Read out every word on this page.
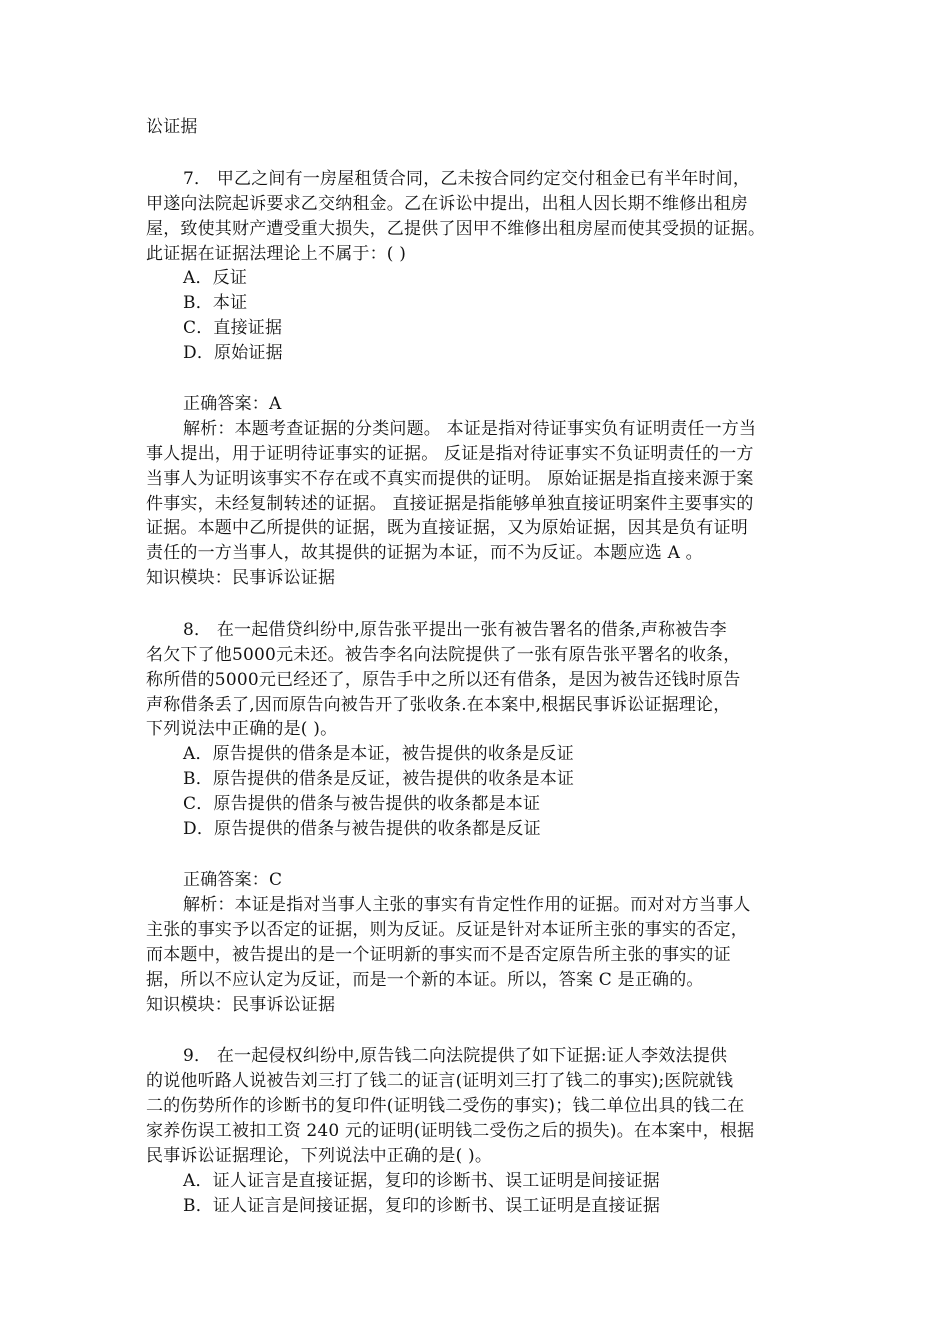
讼证据
7． 甲乙之间有一房屋租赁合同，乙未按合同约定交付租金已有半年时间，
甲遂向法院起诉要求乙交纳租金。乙在诉讼中提出，出租人因长期不维修出租房
屋，致使其财产遭受重大损失，乙提供了因甲不维修出租房屋而使其受损的证据。
此证据在证据法理论上不属于：( )
A．反证
B．本证
C．直接证据
D．原始证据
正确答案：A
解析：本题考查证据的分类问题。 本证是指对待证事实负有证明责任一方当
事人提出，用于证明待证事实的证据。 反证是指对待证事实不负证明责任的一方
当事人为证明该事实不存在或不真实而提供的证明。 原始证据是指直接来源于案
件事实，未经复制转述的证据。 直接证据是指能够单独直接证明案件主要事实的
证据。本题中乙所提供的证据，既为直接证据，又为原始证据，因其是负有证明
责任的一方当事人，故其提供的证据为本证，而不为反证。本题应选 A 。
知识模块：民事诉讼证据
8． 在一起借贷纠纷中,原告张平提出一张有被告署名的借条,声称被告李
名欠下了他5000元未还。被告李名向法院提供了一张有原告张平署名的收条，
称所借的5000元已经还了，原告手中之所以还有借条，是因为被告还钱时原告
声称借条丢了,因而原告向被告开了张收条.在本案中,根据民事诉讼证据理论，
下列说法中正确的是( )。
A．原告提供的借条是本证，被告提供的收条是反证
B．原告提供的借条是反证，被告提供的收条是本证
C．原告提供的借条与被告提供的收条都是本证
D．原告提供的借条与被告提供的收条都是反证
正确答案：C
解析：本证是指对当事人主张的事实有肯定性作用的证据。而对对方当事人
主张的事实予以否定的证据，则为反证。反证是针对本证所主张的事实的否定，
而本题中，被告提出的是一个证明新的事实而不是否定原告所主张的事实的证
据，所以不应认定为反证，而是一个新的本证。所以，答案 C 是正确的。
知识模块：民事诉讼证据
9． 在一起侵权纠纷中,原告钱二向法院提供了如下证据:证人李效法提供
的说他听路人说被告刘三打了钱二的证言(证明刘三打了钱二的事实);医院就钱
二的伤势所作的诊断书的复印件(证明钱二受伤的事实)；钱二单位出具的钱二在
家养伤误工被扣工资 240 元的证明(证明钱二受伤之后的损失)。在本案中，根据
民事诉讼证据理论，下列说法中正确的是( )。
A．证人证言是直接证据，复印的诊断书、误工证明是间接证据
B．证人证言是间接证据，复印的诊断书、误工证明是直接证据
